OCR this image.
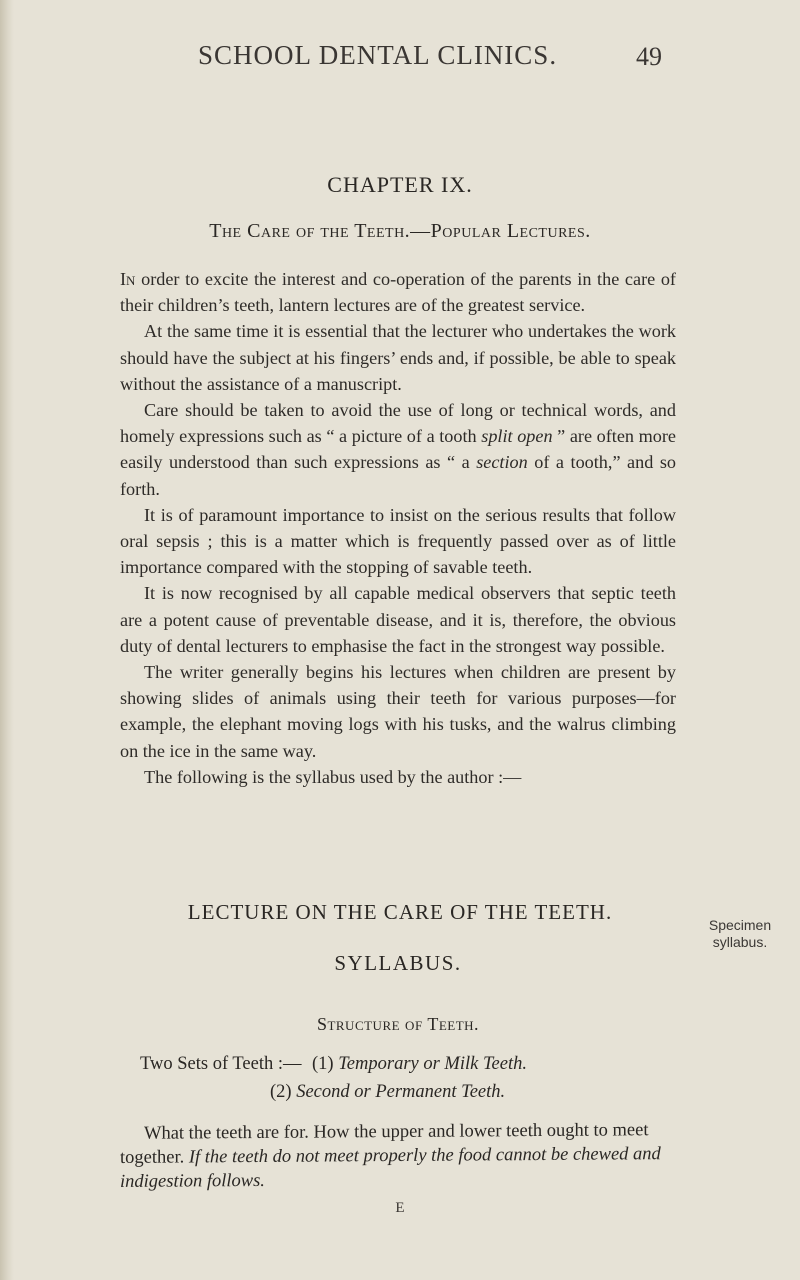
SCHOOL DENTAL CLINICS.	49
CHAPTER IX.
The Care of the Teeth.—Popular Lectures.

In order to excite the interest and co-operation of the parents in the care of their children’s teeth, lantern lectures are of the greatest service.

At the same time it is essential that the lecturer who undertakes the work should have the subject at his fingers’ ends and, if possible, be able to speak without the assistance of a manuscript.

Care should be taken to avoid the use of long or technical words, and homely expressions such as “ a picture of a tooth split open ” are often more easily understood than such expressions as “ a section of a tooth,” and so forth.

It is of paramount importance to insist on the serious results that follow oral sepsis ; this is a matter which is frequently passed over as of little importance compared with the stopping of savable teeth.

It is now recognised by all capable medical observers that septic teeth are a potent cause of preventable disease, and it is, therefore, the obvious duty of dental lecturers to emphasise the fact in the strongest way possible.

The writer generally begins his lectures when children are present by showing slides of animals using their teeth for various purposes—for example, the elephant moving logs with his tusks, and the walrus climbing on the ice in the same way.

The following is the syllabus used by the author :—

LECTURE ON THE CARE OF THE TEETH.
SYLLABUS.
Specimen
syllabus.
Structure of Teeth.
Two Sets of Teeth :— (1) Temporary or Milk Teeth.
(2) Second or Permanent Teeth.

What the teeth are for. How the upper and lower teeth ought to meet together. If the teeth do not meet properly the food cannot be chewed and indigestion follows.

E
